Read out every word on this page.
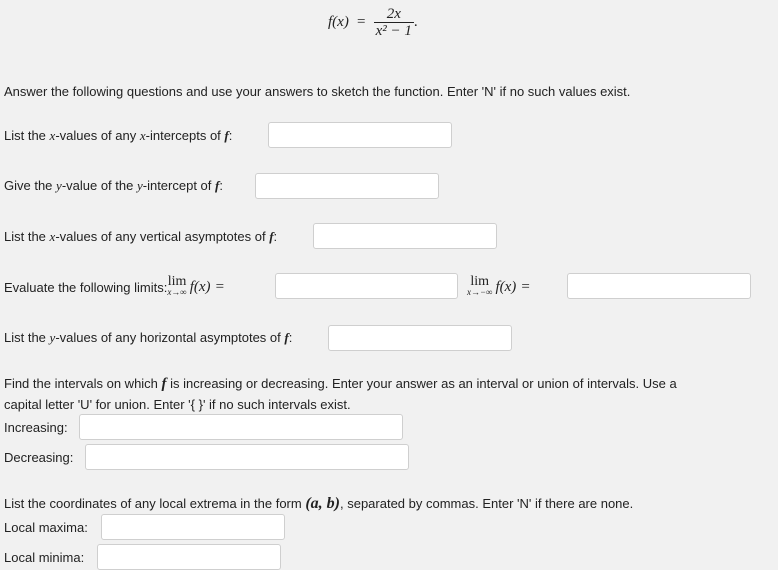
$f(x) = \frac{2x}{\text{x² − 1}}$ .
Answer the following questions and use your answers to sketch the function. Enter 'N' if no such values exist.
List the x-values of any x-intercepts of f:
Give the y-value of the y-intercept of f:
List the x-values of any vertical asymptotes of f:
Evaluate the following limits: lim
x→∞ f(x) =	lim
x→−∞ f(x) =
List the y-values of any horizontal asymptotes of f:
Find the intervals on which f is increasing or decreasing. Enter your answer as an interval or union of intervals. Use a
capital letter 'U' for union. Enter '{ }' if no such intervals exist.
Increasing:
Decreasing:
List the coordinates of any local extrema in the form (a, b), separated by commas. Enter 'N' if there are none.
Local maxima:
Local minima:
